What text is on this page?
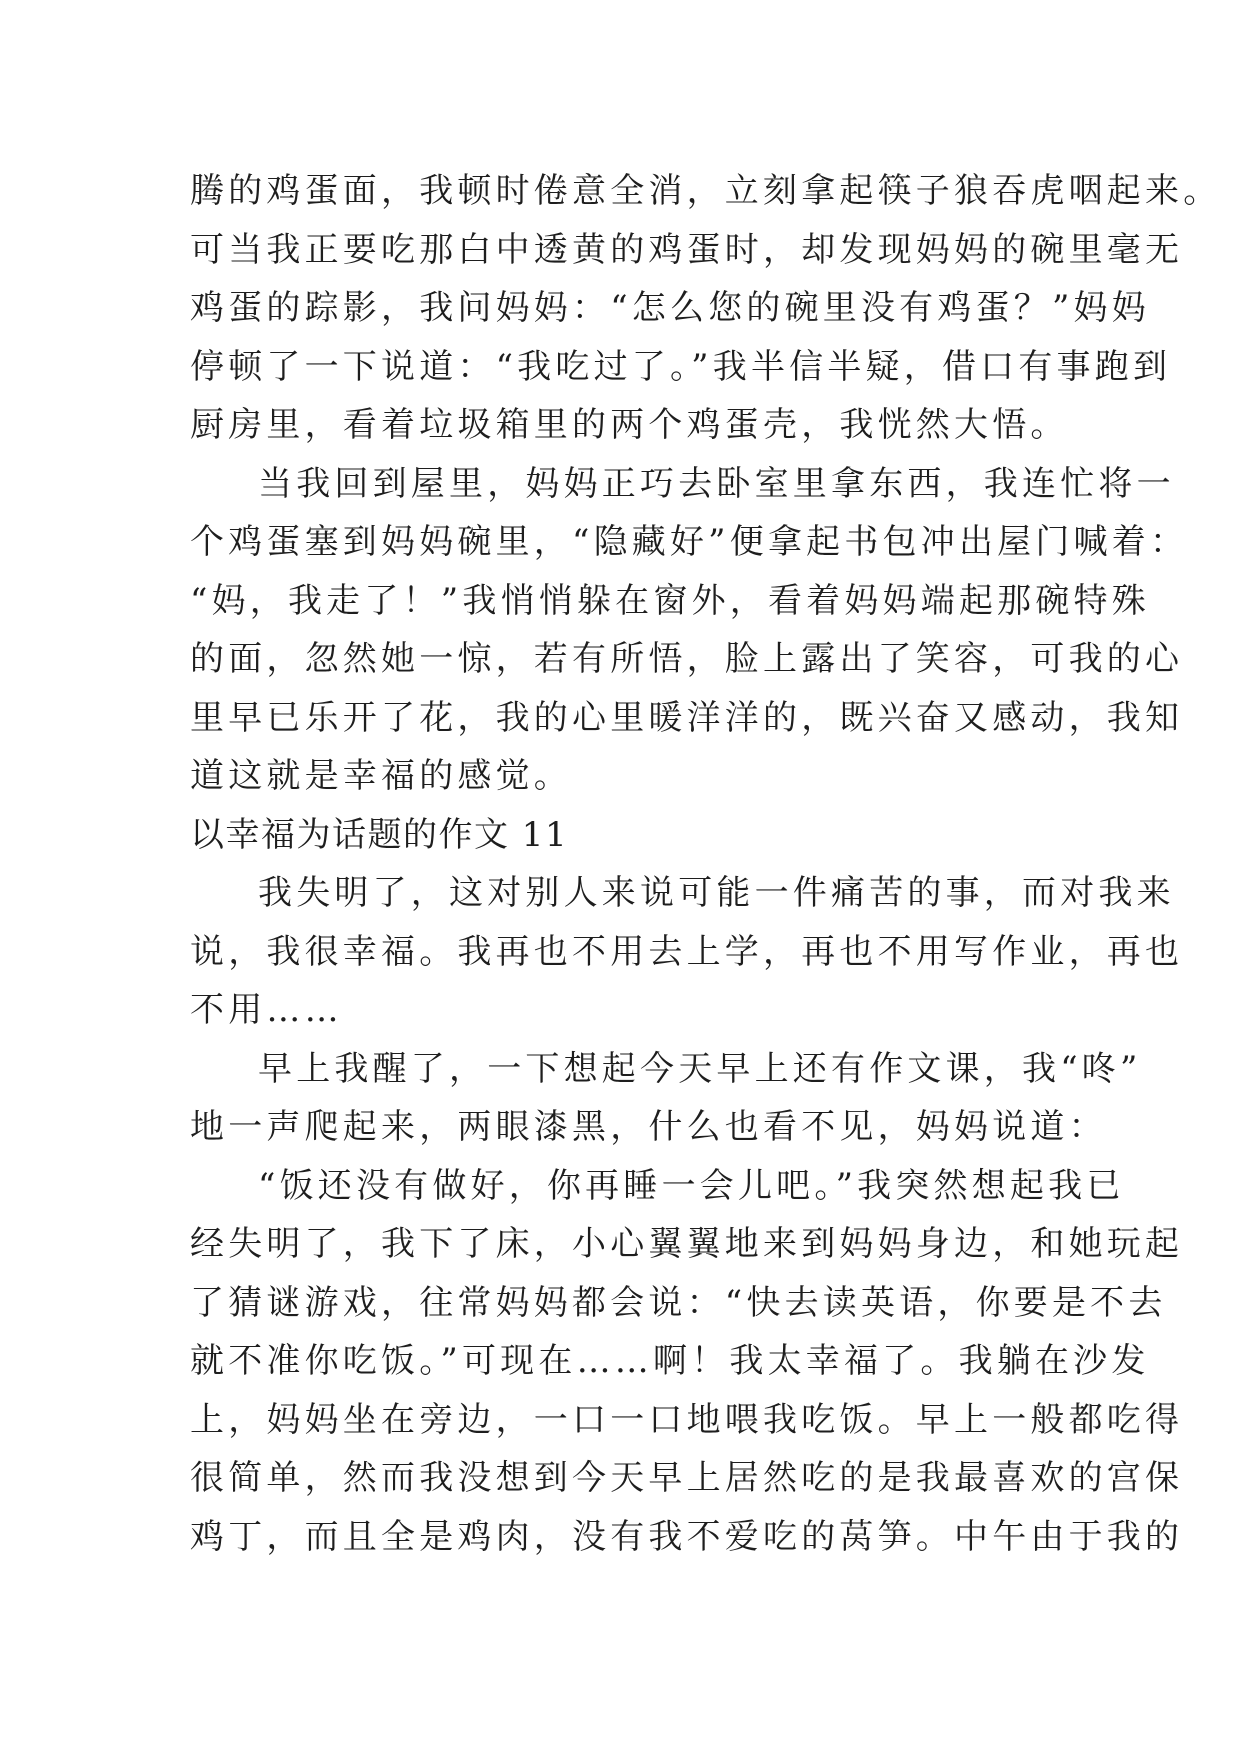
腾的鸡蛋面，我顿时倦意全消，立刻拿起筷子狼吞虎咽起来。
可当我正要吃那白中透黄的鸡蛋时，却发现妈妈的碗里毫无
鸡蛋的踪影，我问妈妈：“怎么您的碗里没有鸡蛋？”妈妈
停顿了一下说道：“我吃过了。”我半信半疑，借口有事跑到
厨房里，看着垃圾箱里的两个鸡蛋壳，我恍然大悟。
当我回到屋里，妈妈正巧去卧室里拿东西，我连忙将一
个鸡蛋塞到妈妈碗里，“隐藏好”便拿起书包冲出屋门喊着：
“妈，我走了！”我悄悄躲在窗外，看着妈妈端起那碗特殊
的面，忽然她一惊，若有所悟，脸上露出了笑容，可我的心
里早已乐开了花，我的心里暖洋洋的，既兴奋又感动，我知
道这就是幸福的感觉。
以幸福为话题的作文 11
我失明了，这对别人来说可能一件痛苦的事，而对我来
说，我很幸福。我再也不用去上学，再也不用写作业，再也
不用……
早上我醒了，一下想起今天早上还有作文课，我“咚”
地一声爬起来，两眼漆黑，什么也看不见，妈妈说道：
“饭还没有做好，你再睡一会儿吧。”我突然想起我已
经失明了，我下了床，小心翼翼地来到妈妈身边，和她玩起
了猜谜游戏，往常妈妈都会说：“快去读英语，你要是不去
就不准你吃饭。”可现在……啊！我太幸福了。我躺在沙发
上，妈妈坐在旁边，一口一口地喂我吃饭。早上一般都吃得
很简单，然而我没想到今天早上居然吃的是我最喜欢的宫保
鸡丁，而且全是鸡肉，没有我不爱吃的莴笋。中午由于我的
